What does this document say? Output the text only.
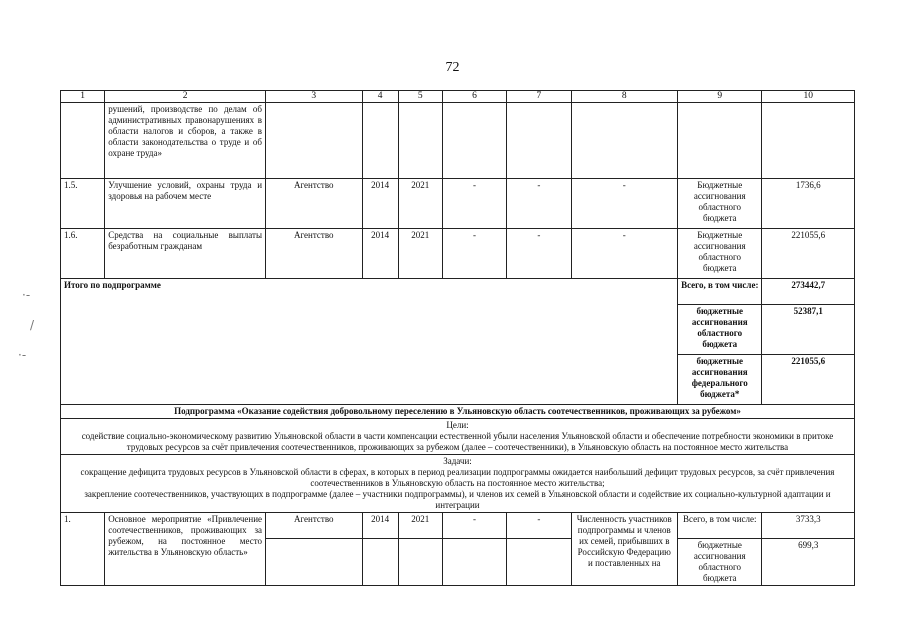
72
·-
/
·-
1	2	3	4	5	6	7	8	9	10
	рушений, производстве по делам об административных правонарушениях в области налогов и сборов, а также в области законодательства о труде и об охране труда»								
1.5.	Улучшение условий, охраны труда и здоровья на рабочем месте	Агентство	2014	2021	-	-	-	Бюджетные ассигнования областного бюджета	1736,6
1.6.	Средства на социальные выплаты безработным гражданам	Агентство	2014	2021	-	-	-	Бюджетные ассигнования областного бюджета	221055,6
Итого по подпрограмме								Всего, в том числе:	273442,7
								бюджетные ассигнования областного бюджета	52387,1
								бюджетные ассигнования федерального бюджета*	221055,6
Подпрограмма «Оказание содействия добровольному переселению в Ульяновскую область соотечественников, проживающих за рубежом»									

Цели:
содействие социально-экономическому развитию Ульяновской области в части компенсации естественной убыли населения Ульяновской области и обеспечение потребности экономики в притоке трудовых ресурсов за счёт привлечения соотечественников, проживающих за рубежом (далее – соотечественники), в Ульяновскую область на постоянное место жительства									

Задачи:
сокращение дефицита трудовых ресурсов в Ульяновской области в сферах, в которых в период реализации подпрограммы ожидается наибольший дефицит трудовых ресурсов, за счёт привлечения соотечественников в Ульяновскую область на постоянное место жительства;
закрепление соотечественников, участвующих в подпрограмме (далее – участники подпрограммы), и членов их семей в Ульяновской области и содействие их социально-культурной адаптации и интеграции									

1.	Основное мероприятие «Привлечение соотечественников, проживающих за рубежом, на постоянное место жительства в Ульяновскую область»	Агентство	2014	2021	-	-	Численность участников подпрограммы и членов их семей, прибывших в Российскую Федерацию и поставленных на	Всего, в том числе:	3733,3
								бюджетные ассигнования областного бюджета	699,3
